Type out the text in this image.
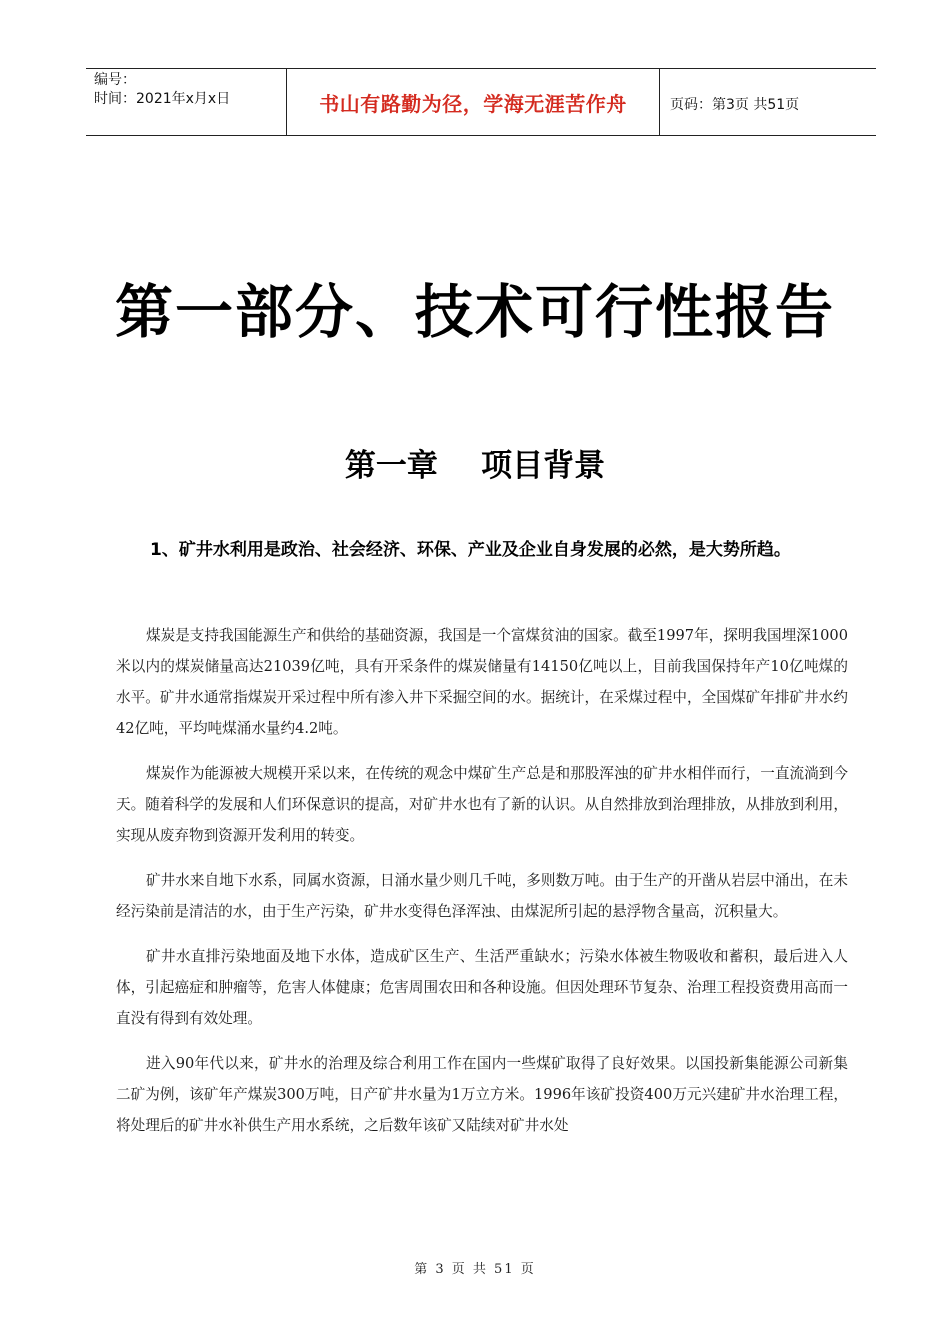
编号：
时间：2021年x月x日	书山有路勤为径，学海无涯苦作舟	页码：第3页 共51页
第一部分、技术可行性报告
第一章    项目背景
1、矿井水利用是政治、社会经济、环保、产业及企业自身发展的必然，是大势所趋。

煤炭是支持我国能源生产和供给的基础资源，我国是一个富煤贫油的国家。截至1997年，探明我国埋深1000米以内的煤炭储量高达21039亿吨，具有开采条件的煤炭储量有14150亿吨以上，目前我国保持年产10亿吨煤的水平。矿井水通常指煤炭开采过程中所有渗入井下采掘空间的水。据统计，在采煤过程中，全国煤矿年排矿井水约42亿吨，平均吨煤涌水量约4.2吨。

煤炭作为能源被大规模开采以来，在传统的观念中煤矿生产总是和那股浑浊的矿井水相伴而行，一直流淌到今天。随着科学的发展和人们环保意识的提高，对矿井水也有了新的认识。从自然排放到治理排放，从排放到利用，实现从废弃物到资源开发利用的转变。

矿井水来自地下水系，同属水资源，日涌水量少则几千吨，多则数万吨。由于生产的开凿从岩层中涌出，在未经污染前是清洁的水，由于生产污染，矿井水变得色泽浑浊、由煤泥所引起的悬浮物含量高，沉积量大。

矿井水直排污染地面及地下水体，造成矿区生产、生活严重缺水；污染水体被生物吸收和蓄积，最后进入人体，引起癌症和肿瘤等，危害人体健康；危害周围农田和各种设施。但因处理环节复杂、治理工程投资费用高而一直没有得到有效处理。

进入90年代以来，矿井水的治理及综合利用工作在国内一些煤矿取得了良好效果。以国投新集能源公司新集二矿为例，该矿年产煤炭300万吨，日产矿井水量为1万立方米。1996年该矿投资400万元兴建矿井水治理工程，将处理后的矿井水补供生产用水系统，之后数年该矿又陆续对矿井水处

第 3 页 共 51 页
